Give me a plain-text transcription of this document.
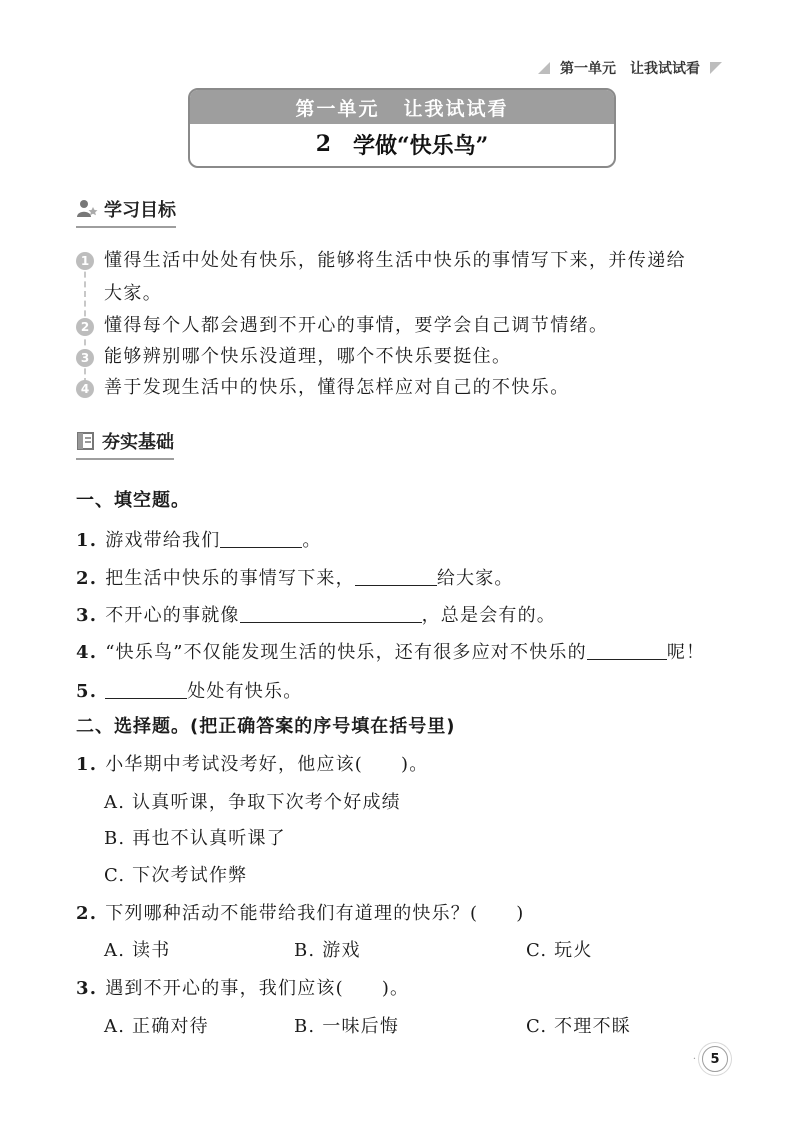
第一单元　让我试试看
第一单元 让我试试看
2 学做“快乐鸟”
学习目标
1 懂得生活中处处有快乐，能够将生活中快乐的事情写下来，并传递给
大家。
2 懂得每个人都会遇到不开心的事情，要学会自己调节情绪。
3 能够辨别哪个快乐没道理，哪个不快乐要挺住。
4 善于发现生活中的快乐，懂得怎样应对自己的不快乐。
夯实基础
一、填空题。
1. 游戏带给我们	。
2. 把生活中快乐的事情写下来，	给大家。
3. 不开心的事就像	，总是会有的。
4. “快乐鸟”不仅能发现生活的快乐，还有很多应对不快乐的	呢！
5.	处处有快乐。
二、选择题。(把正确答案的序号填在括号里)
1. 小华期中考试没考好，他应该( )。
A. 认真听课，争取下次考个好成绩
B. 再也不认真听课了
C. 下次考试作弊
2. 下列哪种活动不能带给我们有道理的快乐？( )
A. 读书	B. 游戏	C. 玩火
3. 遇到不开心的事，我们应该( )。
A. 正确对待	B. 一味后悔	C. 不理不睬
· 5
